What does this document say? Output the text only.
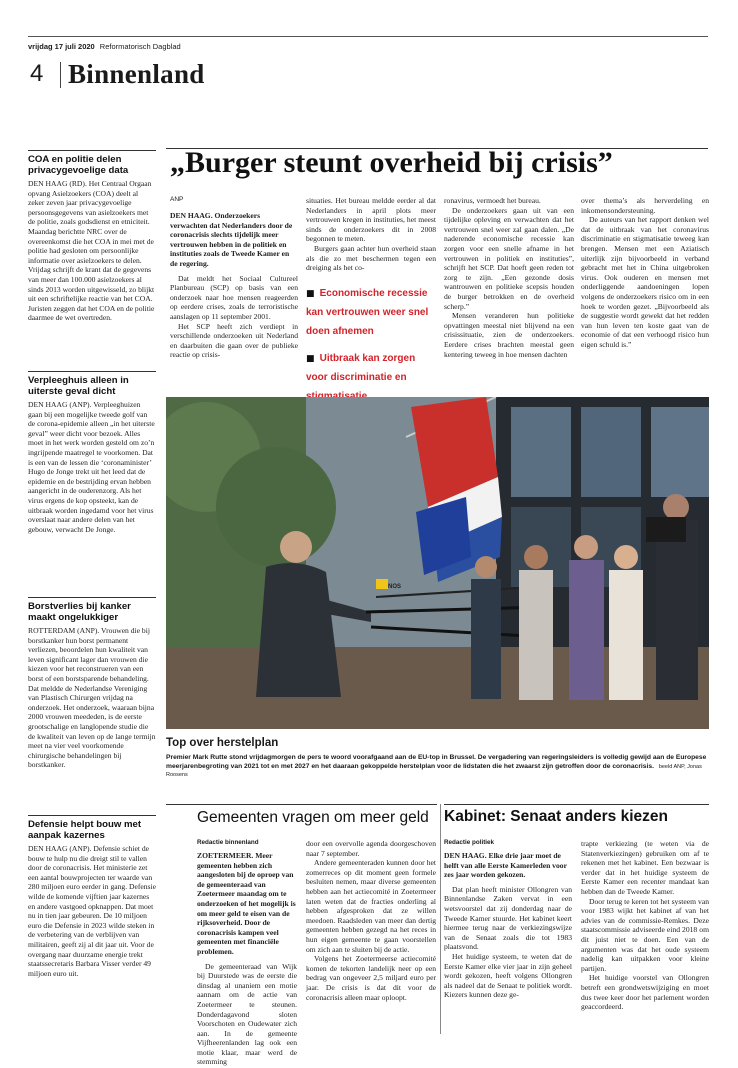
vrijdag 17 juli 2020 Reformatorisch Dagblad
4 Binnenland
COA en politie delen privacygevoelige data
DEN HAAG (RD). Het Centraal Orgaan opvang Asielzoekers (COA) deelt al zeker zeven jaar privacygevoelige persoonsgegevens van asielzoekers met de politie, zoals godsdienst en etniciteit. Maandag berichtte NRC over de overeenkomst die het COA in mei met de politie had gesloten om persoonlijke informatie over asielzoekers te delen. Vrijdag schrijft de krant dat de gegevens van meer dan 100.000 asielzoekers al sinds 2013 worden uitgewisseld, zo blijkt uit een schriftelijke reactie van het COA. Juristen zeggen dat het COA en de politie daarmee de wet overtreden.
Verpleeghuis alleen in uiterste geval dicht
DEN HAAG (ANP). Verpleeghuizen gaan bij een mogelijke tweede golf van de corona-epidemie alleen „in het uiterste geval” weer dicht voor bezoek. Alles moet in het werk worden gesteld om zo’n ingrijpende maatregel te voorkomen. Dat is een van de lessen die ‘coronaminister’ Hugo de Jonge trekt uit het leed dat de epidemie en de bestrijding ervan hebben aangericht in de ouderenzorg. Als het virus ergens de kop opsteekt, kan de uitbraak worden ingedamd voor het virus overslaat naar andere delen van het gebouw, verwacht De Jonge.
Borstverlies bij kanker maakt ongelukkiger
ROTTERDAM (ANP). Vrouwen die bij borstkanker hun borst permanent verliezen, beoordelen hun kwaliteit van leven significant lager dan vrouwen die kiezen voor het reconstrueren van een borst of een borstsparende behandeling. Dat meldde de Nederlandse Vereniging van Plastisch Chirurgen vrijdag na onderzoek. Het onderzoek, waaraan bijna 2000 vrouwen meededen, is de eerste grootschalige en langlopende studie die de kwaliteit van leven op de lange termijn meet na vier veel voorkomende chirurgische behandelingen bij borstkanker.
Defensie helpt bouw met aanpak kazernes
DEN HAAG (ANP). Defensie schiet de bouw te hulp nu die dreigt stil te vallen door de coronacrisis. Het ministerie zet een aantal bouwprojecten ter waarde van 280 miljoen euro eerder in gang. Defensie wilde de komende vijftien jaar kazernes en andere vastgoed opknappen. Dat moet nu in tien jaar gebeuren. De 10 miljoen euro die Defensie in 2023 wilde steken in de verbetering van de verblijven van militairen, geeft zij al dit jaar uit. Voor de overgang naar duurzame energie trekt staatssecretaris Barbara Visser verder 49 miljoen euro uit.
„Burger steunt overheid bij crisis”
ANP
DEN HAAG. Onderzoekers verwachten dat Nederlanders door de coronacrisis slechts tijdelijk meer vertrouwen hebben in de politiek en instituties zoals de Tweede Kamer en de regering.

Dat meldt het Sociaal Cultureel Planbureau (SCP) op basis van een onderzoek naar hoe mensen reageerden op eerdere crises, zoals de terroristische aanslagen op 11 september 2001.

Het SCP heeft zich verdiept in verschillende onderzoeken uit Nederland en daarbuiten die gaan over de publieke reactie op crisis-

situaties. Het bureau meldde eerder al dat Nederlanders in april plots meer vertrouwen kregen in instituties, het meest sinds de onderzoekers dit in 2008 begonnen te meten.

Burgers gaan achter hun overheid staan als die zo met beschermen tegen een dreiging als het co-

■ Economische recessie kan vertrouwen weer snel doen afnemen
■ Uitbraak kan zorgen voor discriminatie en

ronavirus, vermoedt het bureau.

De onderzoekers gaan uit van een tijdelijke opleving en verwachten dat het vertrouwen snel weer zal gaan dalen. „De naderende economische recessie kan zorgen voor een snelle afname in het vertrouwen in politiek en instituties”, schrijft het SCP. Dat hoeft geen reden tot zorg te zijn. „Een gezonde dosis wantrouwen en politieke scepsis houden de burger betrokken en de overheid scherp.”

Mensen veranderen hun politieke opvattingen meestal niet blijvend na een crisissituatie, zien de onderzoekers. Eerdere crises brachten meestal geen kentering teweeg in hoe mensen dachten

over thema’s als herverdeling en inkomensondersteuning.

De auteurs van het rapport denken wel dat de uitbraak van het coronavirus discriminatie en stigmatisatie teweeg kan brengen. Mensen met een Aziatisch uiterlijk zijn bijvoorbeeld in verband gebracht met het in China uitgebroken virus. Ook ouderen en mensen met onderliggende aandoeningen lopen volgens de onderzoekers risico om in een hoek te worden gezet. „Bijvoorbeeld als de suggestie wordt gewekt dat het redden van hun leven ten koste gaat van de economie of dat een verhoogd risico hun eigen schuld is.”

NOS
Top over herstelplan
Premier Mark Rutte stond vrijdagmorgen de pers te woord voorafgaand aan de EU-top in Brussel. De vergadering van regeringsleiders is volledig gewijd aan de Europese meerjarenbegroting van 2021 tot en met 2027 en het daaraan gekoppelde herstelplan voor de lidstaten die het zwaarst zijn getroffen door de coronacrisis. beeld ANP, Jonas Roosens
Gemeenten vragen om meer geld
Redactie binnenland
ZOETERMEER. Meer gemeenten hebben zich aangesloten bij de oproep van de gemeenteraad van Zoetermeer maandag om te onderzoeken of het mogelijk is om meer geld te eisen van de rijksoverheid. Door de coronacrisis kampen veel gemeenten met financiële problemen.

De gemeenteraad van Wijk bij Duurstede was de eerste die dinsdag al unaniem een motie aannam om de actie van Zoetermeer te steunen. Donderdagavond sloten Voorschoten en Oudewater zich aan. In de gemeente Vijfheerenlanden lag ook een motie klaar, maar werd de stemming

door een overvolle agenda doorgeschoven naar 7 september.

Andere gemeenteraden kunnen door het zomerreces op dit moment geen formele besluiten nemen, maar diverse gemeenten hebben aan het actiecomité in Zoetermeer laten weten dat de fracties onderling al hebben afgesproken dat ze willen meedoen. Raadsleden van meer dan dertig gemeenten hebben gezegd na het reces in hun eigen gemeente te gaan voorstellen om zich aan te sluiten bij de actie.

Volgens het Zoetermeerse actiecomité komen de tekorten landelijk neer op een bedrag van ongeveer 2,5 miljard euro per jaar. De crisis is dat dit voor de coronacrisis alleen maar oploopt.

Kabinet: Senaat anders kiezen
Redactie politiek
DEN HAAG. Elke drie jaar moet de helft van alle Eerste Kamerleden voor zes jaar worden gekozen.

Dat plan heeft minister Ollongren van Binnenlandse Zaken vervat in een wetsvoorstel dat zij donderdag naar de Tweede Kamer stuurde. Het kabinet keert hiermee terug naar de verkiezingswijze van de Senaat zoals die tot 1983 plaatsvond.

Het huidige systeem, te weten dat de Eerste Kamer elke vier jaar in zijn geheel wordt gekozen, heeft volgens Ollongren als nadeel dat de Senaat te politiek wordt. Kiezers kunnen deze ge-

trapte verkiezing (te weten via de Statenverkiezingen) gebruiken om af te rekenen met het kabinet. Een bezwaar is verder dat in het huidige systeem de Eerste Kamer een recenter mandaat kan hebben dan de Tweede Kamer.

Door terug te keren tot het systeem van voor 1983 wijkt het kabinet af van het advies van de commissie-Remkes. Deze staatscommissie adviseerde eind 2018 om dit juist niet te doen. Een van de argumenten was dat het oude systeem nadelig kan uitpakken voor kleine partijen.

Het huidige voorstel van Ollongren betreft een grondwetswijziging en moet dus twee keer door het parlement worden geaccordeerd.
